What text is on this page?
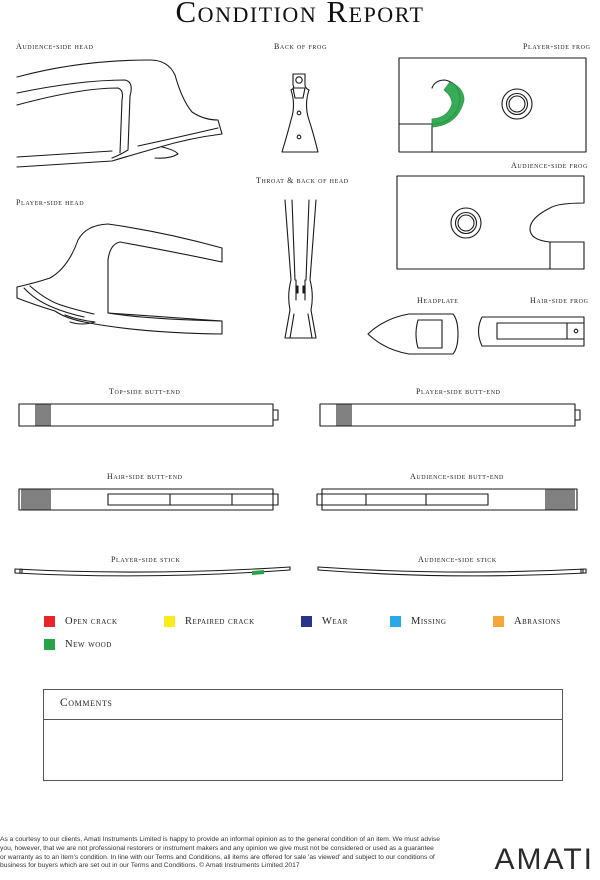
Condition Report
Audience-side head	Back of frog	Player-side frog
Audience-side frog
Throat & back of head
Player-side head
Headplate	Hair-side frog
Top-side butt-end	Player-side butt-end
Hair-side butt-end	Audience-side butt-end
Player-side stick	Audience-side stick
Open crack	Repaired crack	Wear	Missing	Abrasions
New wood
Comments
As a courtesy to our clients, Amati Instruments Limited is happy to provide an informal opinion as to the general condition of an item. We must advise you, however, that we are not professional restorers or instrument makers and any opinion we give must not be considered or used as a guarantee or warranty as to an item's condition. In line with our Terms and Conditions, all items are offered for sale 'as viewed' and subject to our conditions of business for buyers which are set out in our Terms and Conditions. © Amati Instruments Limited 2017	AMATI
